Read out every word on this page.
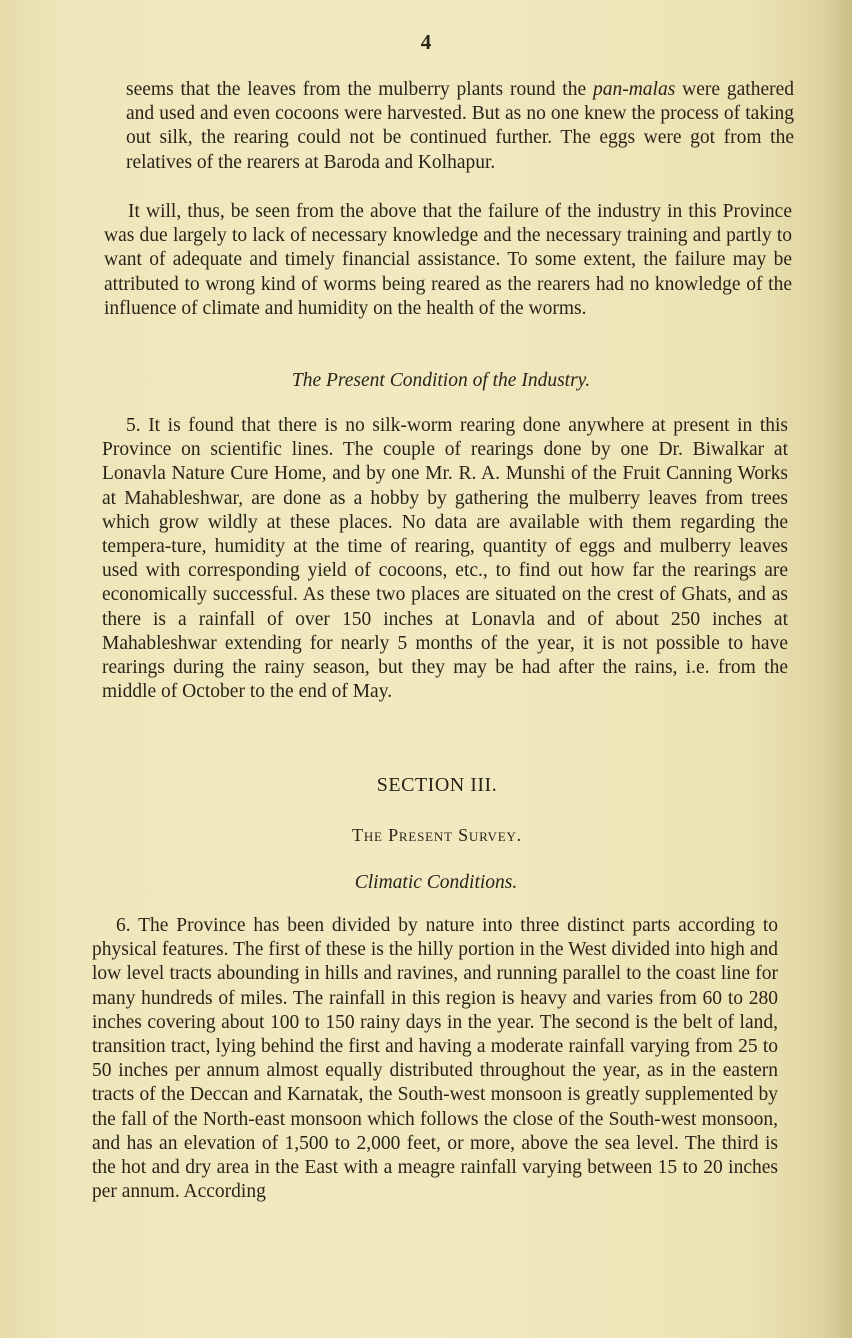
4

seems that the leaves from the mulberry plants round the pan-malas were gathered and used and even cocoons were harvested. But as no one knew the process of taking out silk, the rearing could not be continued further. The eggs were got from the relatives of the rearers at Baroda and Kolhapur.

It will, thus, be seen from the above that the failure of the industry in this Province was due largely to lack of necessary knowledge and the necessary training and partly to want of adequate and timely financial assistance. To some extent, the failure may be attributed to wrong kind of worms being reared as the rearers had no knowledge of the influence of climate and humidity on the health of the worms.

The Present Condition of the Industry.

5. It is found that there is no silk-worm rearing done anywhere at present in this Province on scientific lines. The couple of rearings done by one Dr. Biwalkar at Lonavla Nature Cure Home, and by one Mr. R. A. Munshi of the Fruit Canning Works at Mahableshwar, are done as a hobby by gathering the mulberry leaves from trees which grow wildly at these places. No data are available with them regarding the tempera-ture, humidity at the time of rearing, quantity of eggs and mulberry leaves used with corresponding yield of cocoons, etc., to find out how far the rearings are economically successful. As these two places are situated on the crest of Ghats, and as there is a rainfall of over 150 inches at Lonavla and of about 250 inches at Mahableshwar extending for nearly 5 months of the year, it is not possible to have rearings during the rainy season, but they may be had after the rains, i.e. from the middle of October to the end of May.

SECTION III.
The Present Survey.
Climatic Conditions.

6. The Province has been divided by nature into three distinct parts according to physical features. The first of these is the hilly portion in the West divided into high and low level tracts abounding in hills and ravines, and running parallel to the coast line for many hundreds of miles. The rainfall in this region is heavy and varies from 60 to 280 inches covering about 100 to 150 rainy days in the year. The second is the belt of land, transition tract, lying behind the first and having a moderate rainfall varying from 25 to 50 inches per annum almost equally distributed throughout the year, as in the eastern tracts of the Deccan and Karnatak, the South-west monsoon is greatly supplemented by the fall of the North-east monsoon which follows the close of the South-west monsoon, and has an elevation of 1,500 to 2,000 feet, or more, above the sea level. The third is the hot and dry area in the East with a meagre rainfall varying between 15 to 20 inches per annum. According
